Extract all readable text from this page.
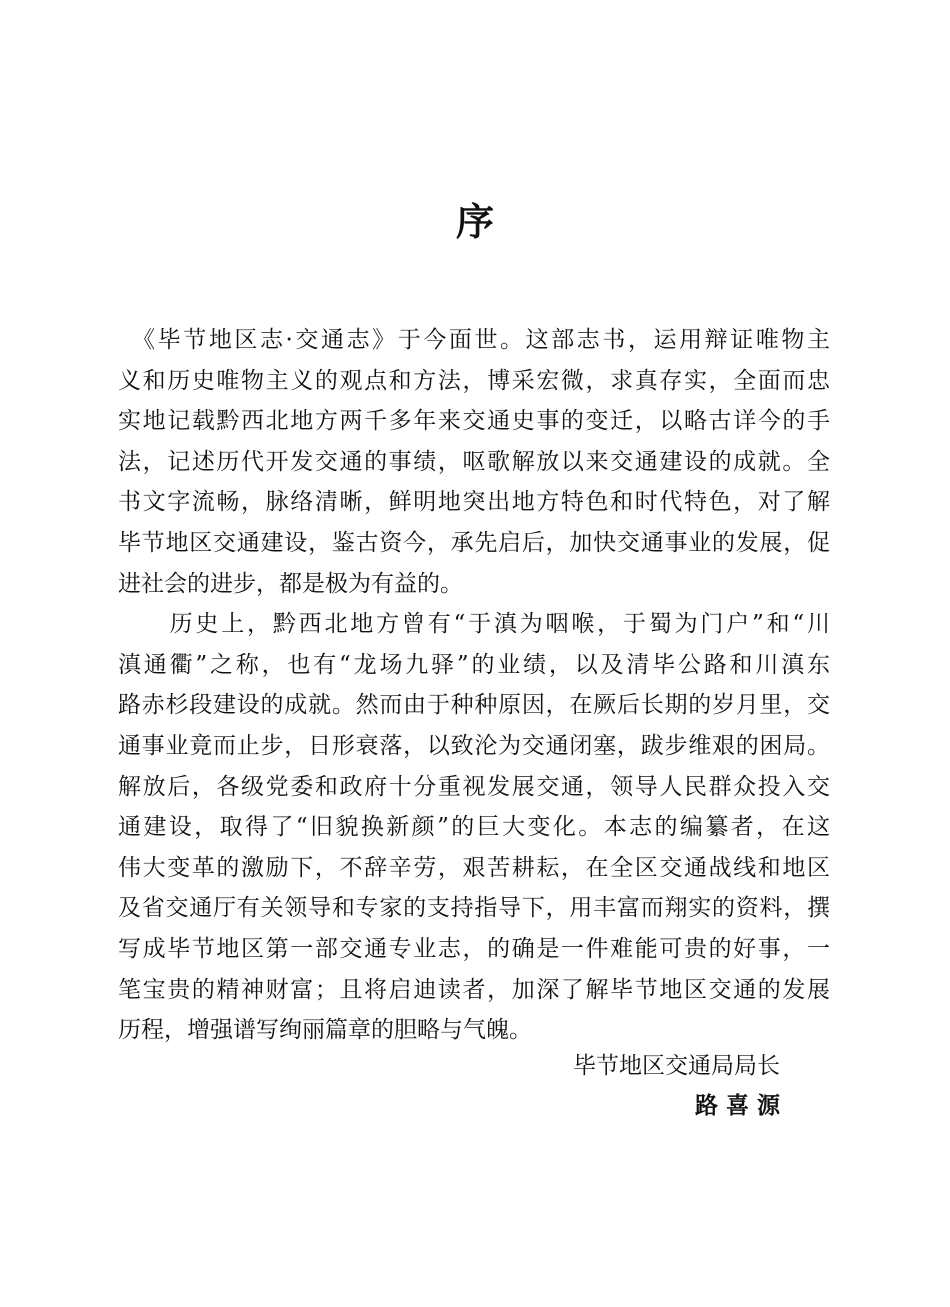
序
　《毕节地区志·交通志》于今面世。这部志书，运用辩证唯物主
义和历史唯物主义的观点和方法，博采宏微，求真存实，全面而忠
实地记载黔西北地方两千多年来交通史事的变迁，以略古详今的手
法，记述历代开发交通的事绩，呕歌解放以来交通建设的成就。全
书文字流畅，脉络清晰，鲜明地突出地方特色和时代特色，对了解
毕节地区交通建设，鉴古资今，承先启后，加快交通事业的发展，促
进社会的进步，都是极为有益的。
　　历史上，黔西北地方曾有“于滇为咽喉，于蜀为门户”和“川
滇通衢”之称，也有“龙场九驿”的业绩，以及清毕公路和川滇东
路赤杉段建设的成就。然而由于种种原因，在厥后长期的岁月里，交
通事业竟而止步，日形衰落，以致沦为交通闭塞，跋步维艰的困局。
解放后，各级党委和政府十分重视发展交通，领导人民群众投入交
通建设，取得了“旧貌换新颜”的巨大变化。本志的编纂者，在这
伟大变革的激励下，不辞辛劳，艰苦耕耘，在全区交通战线和地区
及省交通厅有关领导和专家的支持指导下，用丰富而翔实的资料，撰
写成毕节地区第一部交通专业志，的确是一件难能可贵的好事，一
笔宝贵的精神财富；且将启迪读者，加深了解毕节地区交通的发展
历程，增强谱写绚丽篇章的胆略与气魄。
毕节地区交通局局长
路喜源
